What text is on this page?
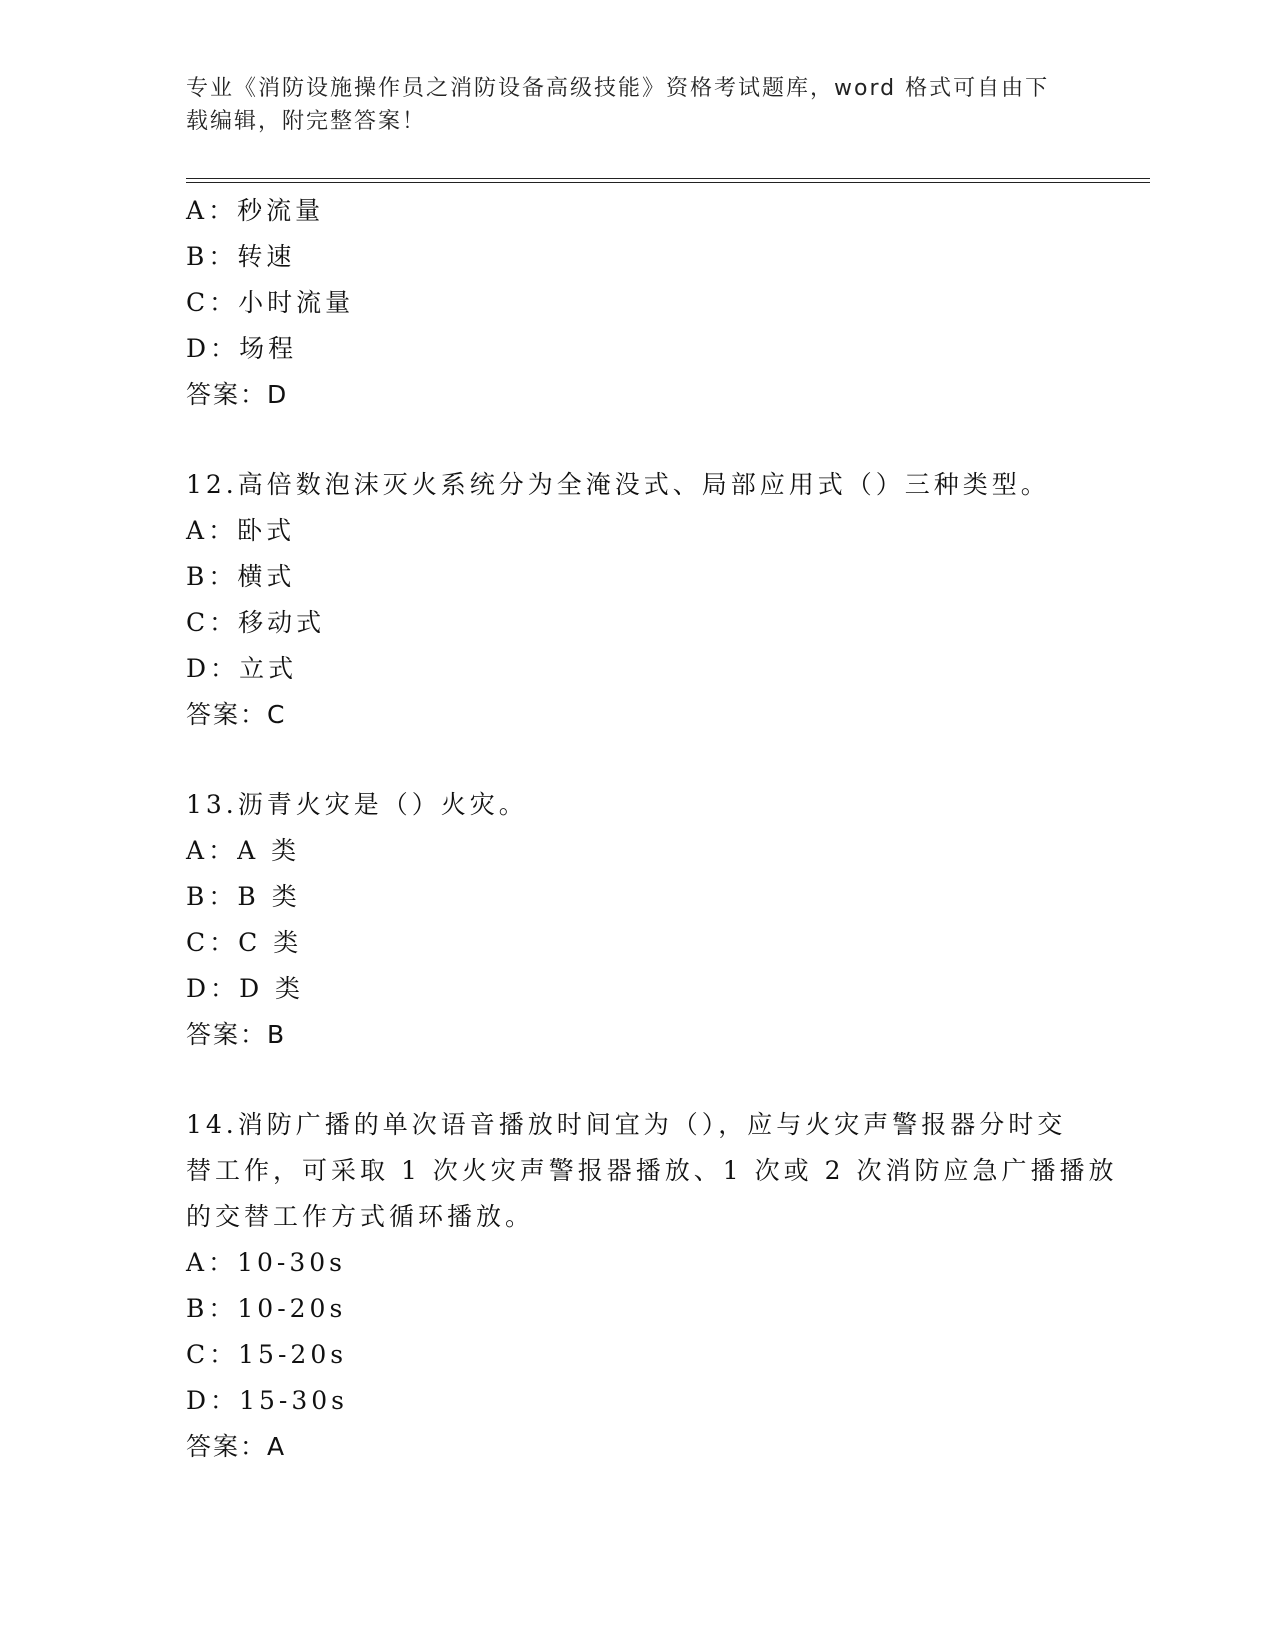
专业《消防设施操作员之消防设备高级技能》资格考试题库，word 格式可自由下
载编辑，附完整答案！
A：秒流量
B：转速
C：小时流量
D：场程
答案：D
12.高倍数泡沫灭火系统分为全淹没式、局部应用式（）三种类型。
A：卧式
B：横式
C：移动式
D：立式
答案：C
13.沥青火灾是（）火灾。
A：A 类
B：B 类
C：C 类
D：D 类
答案：B
14.消防广播的单次语音播放时间宜为（），应与火灾声警报器分时交
替工作，可采取 1 次火灾声警报器播放、1 次或 2 次消防应急广播播放
的交替工作方式循环播放。
A：10-30s
B：10-20s
C：15-20s
D：15-30s
答案：A
